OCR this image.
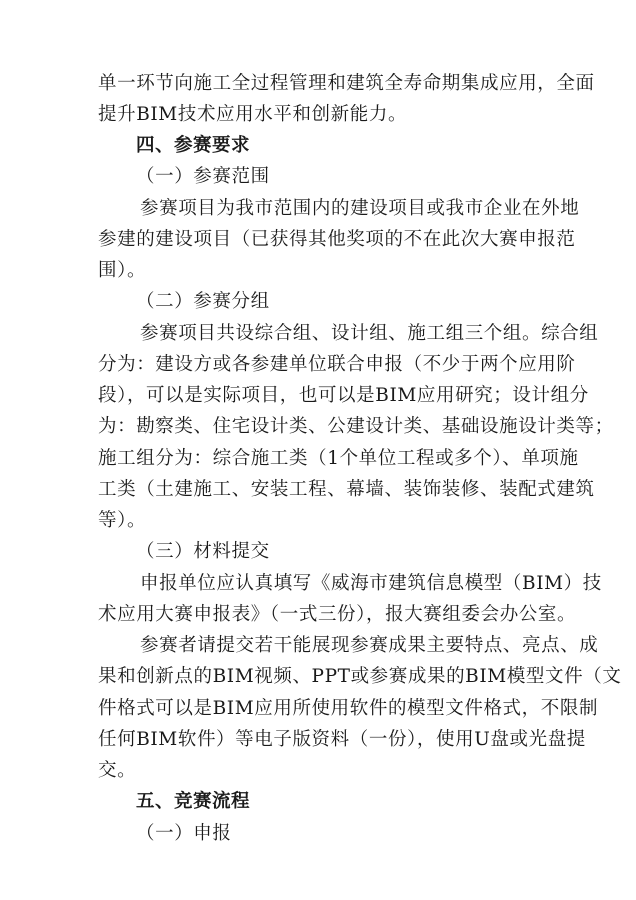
单一环节向施工全过程管理和建筑全寿命期集成应用，全面
提升BIM技术应用水平和创新能力。
四、参赛要求
（一）参赛范围
参赛项目为我市范围内的建设项目或我市企业在外地
参建的建设项目（已获得其他奖项的不在此次大赛申报范
围）。
（二）参赛分组
参赛项目共设综合组、设计组、施工组三个组。综合组
分为：建设方或各参建单位联合申报（不少于两个应用阶
段），可以是实际项目，也可以是BIM应用研究；设计组分
为：勘察类、住宅设计类、公建设计类、基础设施设计类等；
施工组分为：综合施工类（1个单位工程或多个）、单项施
工类（土建施工、安装工程、幕墙、装饰装修、装配式建筑
等）。
（三）材料提交
申报单位应认真填写《威海市建筑信息模型（BIM）技
术应用大赛申报表》（一式三份），报大赛组委会办公室。
参赛者请提交若干能展现参赛成果主要特点、亮点、成
果和创新点的BIM视频、PPT或参赛成果的BIM模型文件（文
件格式可以是BIM应用所使用软件的模型文件格式，不限制
任何BIM软件）等电子版资料（一份），使用U盘或光盘提
交。
五、竞赛流程
（一）申报
